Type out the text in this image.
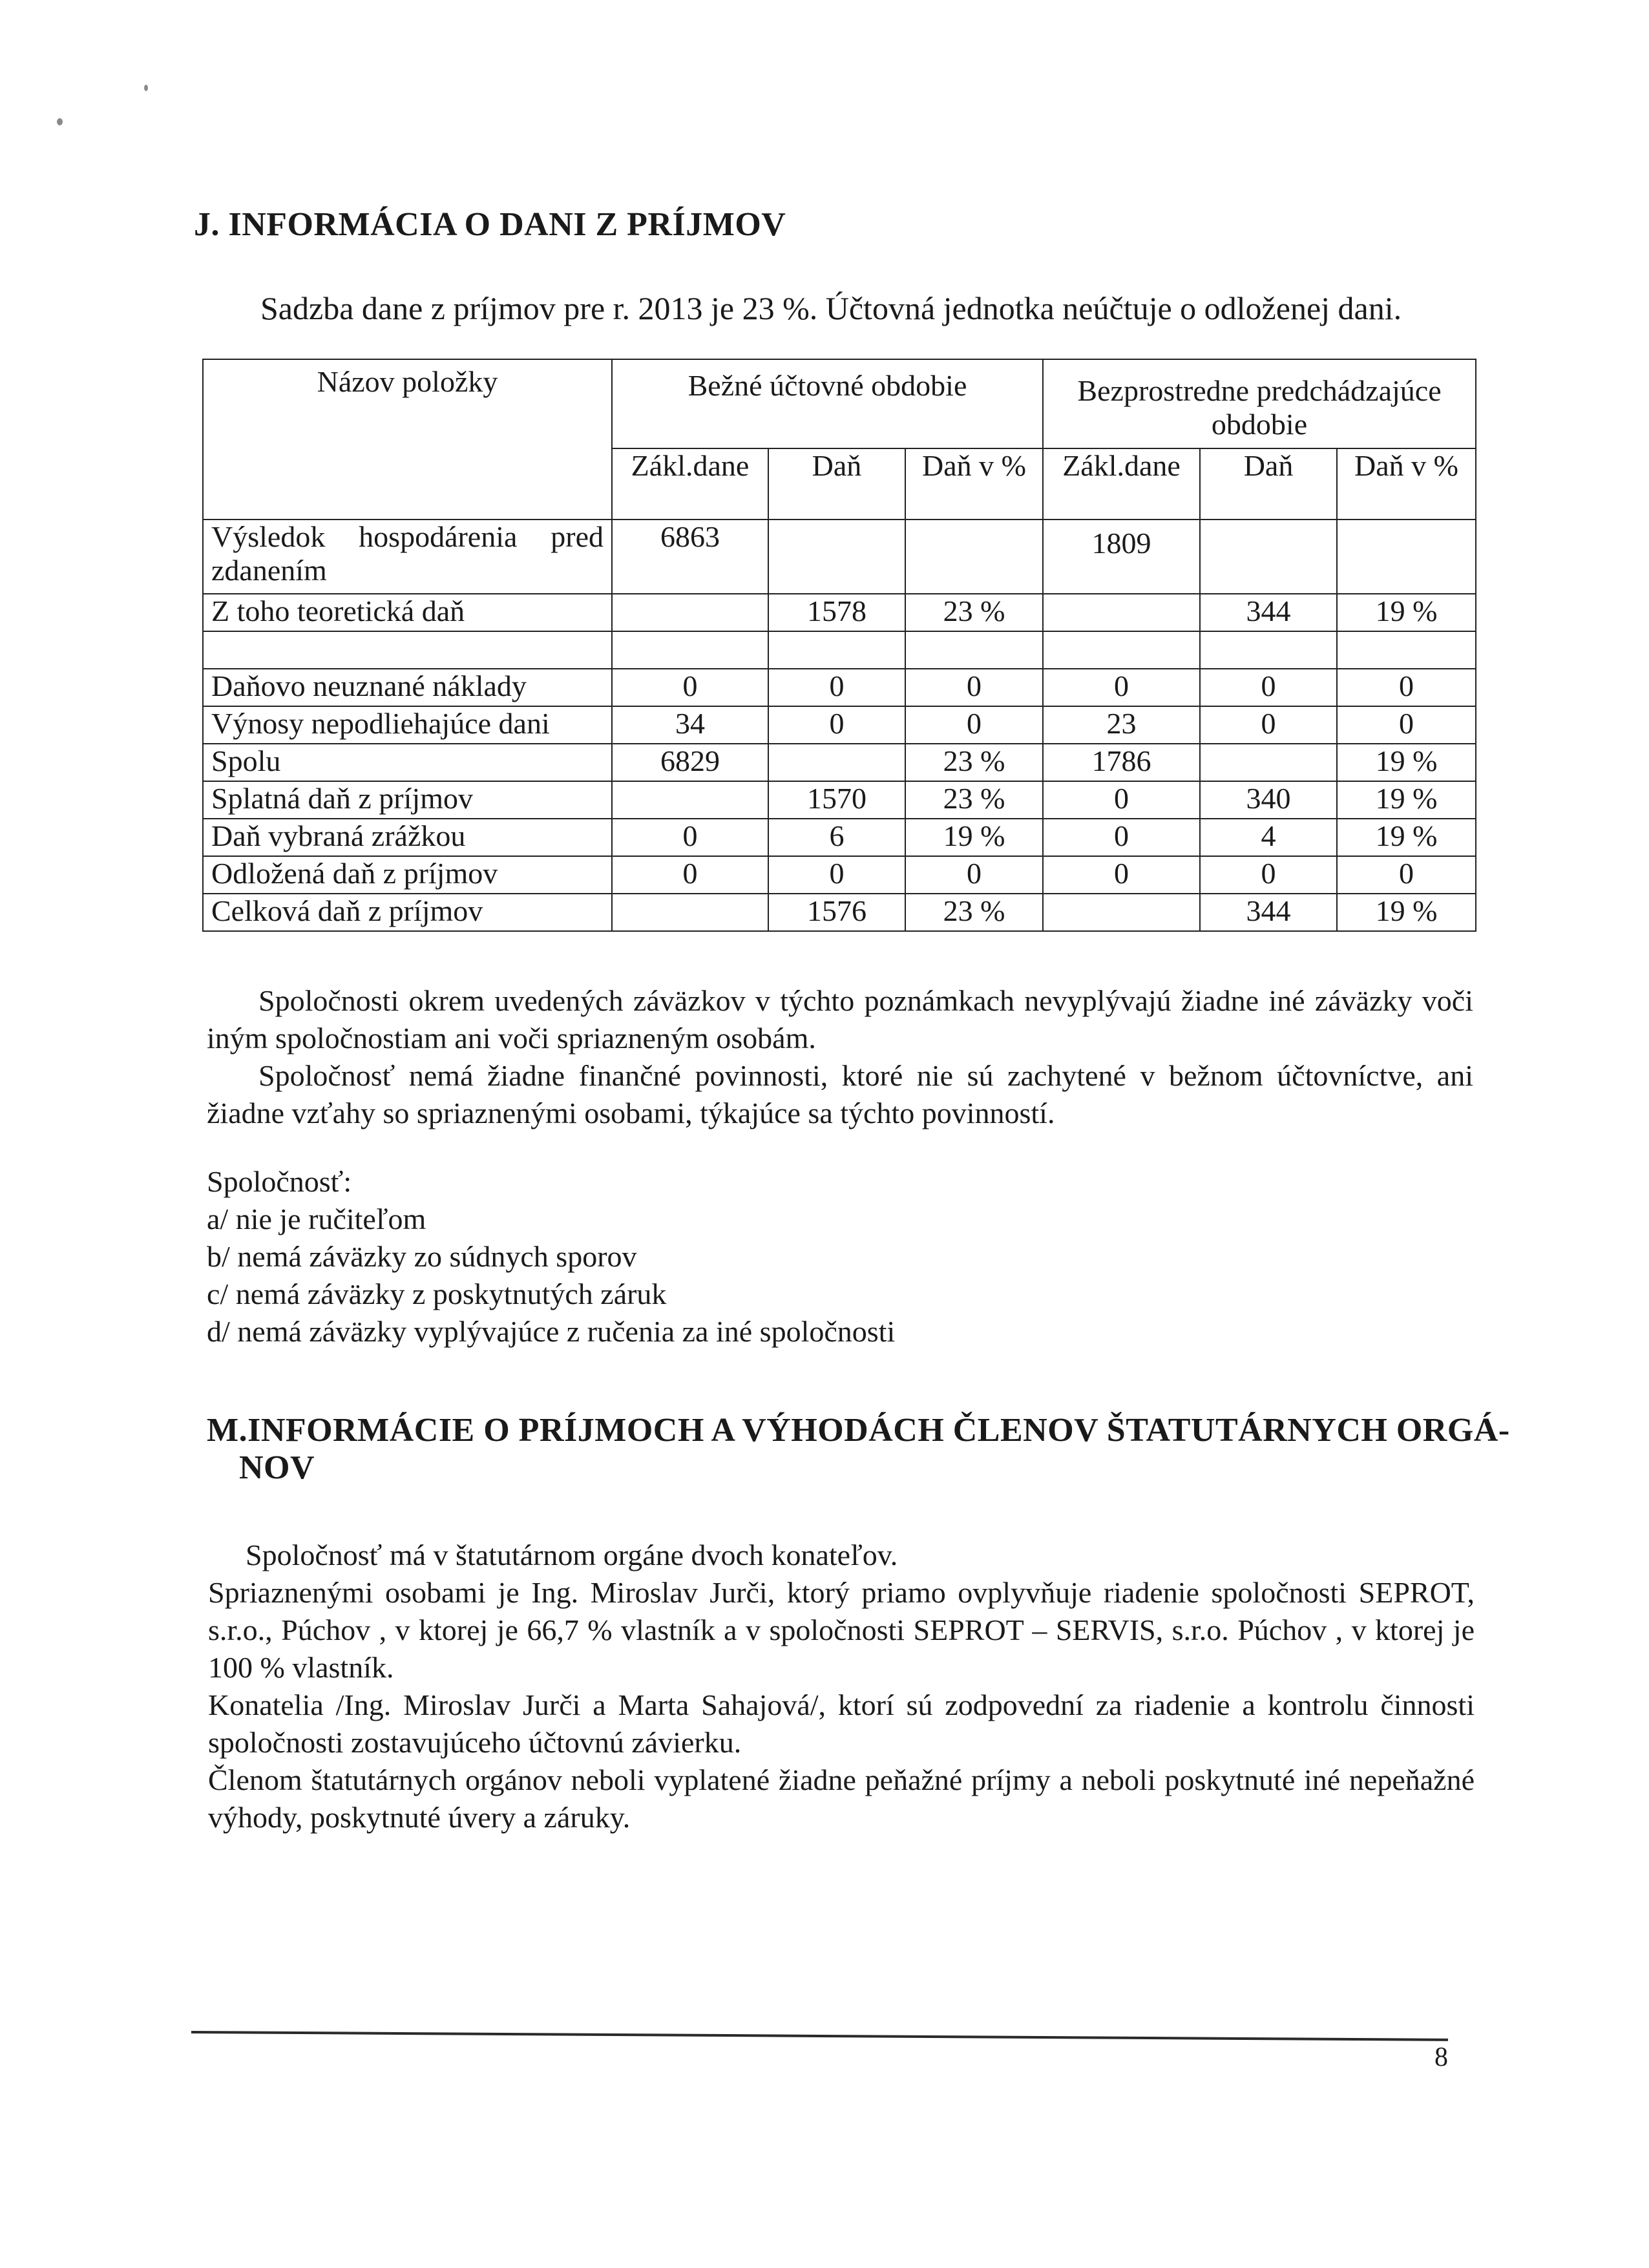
J. INFORMÁCIA O DANI Z PRÍJMOV
Sadzba dane z príjmov pre r. 2013 je 23 %. Účtovná jednotka neúčtuje o odloženej dani.
Názov položky	Bežné účtovné obdobie			Bezprostredne predchádzajúce obdobie		
	Zákl.dane	Daň	Daň v %	Zákl.dane	Daň	Daň v %
Výsledok hospodárenia pred zdanením	6863			1809		
Z toho teoretická daň		1578	23 %		344	19 %

Daňovo neuznané náklady	0	0	0	0	0	0
Výnosy nepodliehajúce dani	34	0	0	23	0	0
Spolu	6829		23 %	1786		19 %
Splatná daň z príjmov		1570	23 %	0	340	19 %
Daň vybraná zrážkou	0	6	19 %	0	4	19 %
Odložená daň z príjmov	0	0	0	0	0	0
Celková daň z príjmov		1576	23 %		344	19 %
Spoločnosti okrem uvedených záväzkov v týchto poznámkach nevyplývajú žiadne iné záväzky voči iným spoločnostiam ani voči spriazneným osobám.
Spoločnosť nemá žiadne finančné povinnosti, ktoré nie sú zachytené v bežnom účtovníctve, ani žiadne vzťahy so spriaznenými osobami, týkajúce sa týchto povinností.
Spoločnosť:
a/ nie je ručiteľom
b/ nemá záväzky zo súdnych sporov
c/ nemá záväzky z poskytnutých záruk
d/ nemá záväzky vyplývajúce z ručenia za iné spoločnosti
M.INFORMÁCIE O PRÍJMOCH A VÝHODÁCH ČLENOV ŠTATUTÁRNYCH ORGÁ-
NOV
Spoločnosť má v štatutárnom orgáne dvoch konateľov.
Spriaznenými osobami je Ing. Miroslav Jurči, ktorý priamo ovplyvňuje riadenie spoločnosti SEPROT, s.r.o., Púchov , v ktorej je 66,7 % vlastník a v spoločnosti SEPROT – SERVIS, s.r.o. Púchov , v ktorej je 100 % vlastník.
Konatelia /Ing. Miroslav Jurči a Marta Sahajová/, ktorí sú zodpovední za riadenie a kontrolu činnosti spoločnosti zostavujúceho účtovnú závierku.
Členom štatutárnych orgánov neboli vyplatené žiadne peňažné príjmy a neboli poskytnuté iné nepeňažné výhody, poskytnuté úvery a záruky.
8
